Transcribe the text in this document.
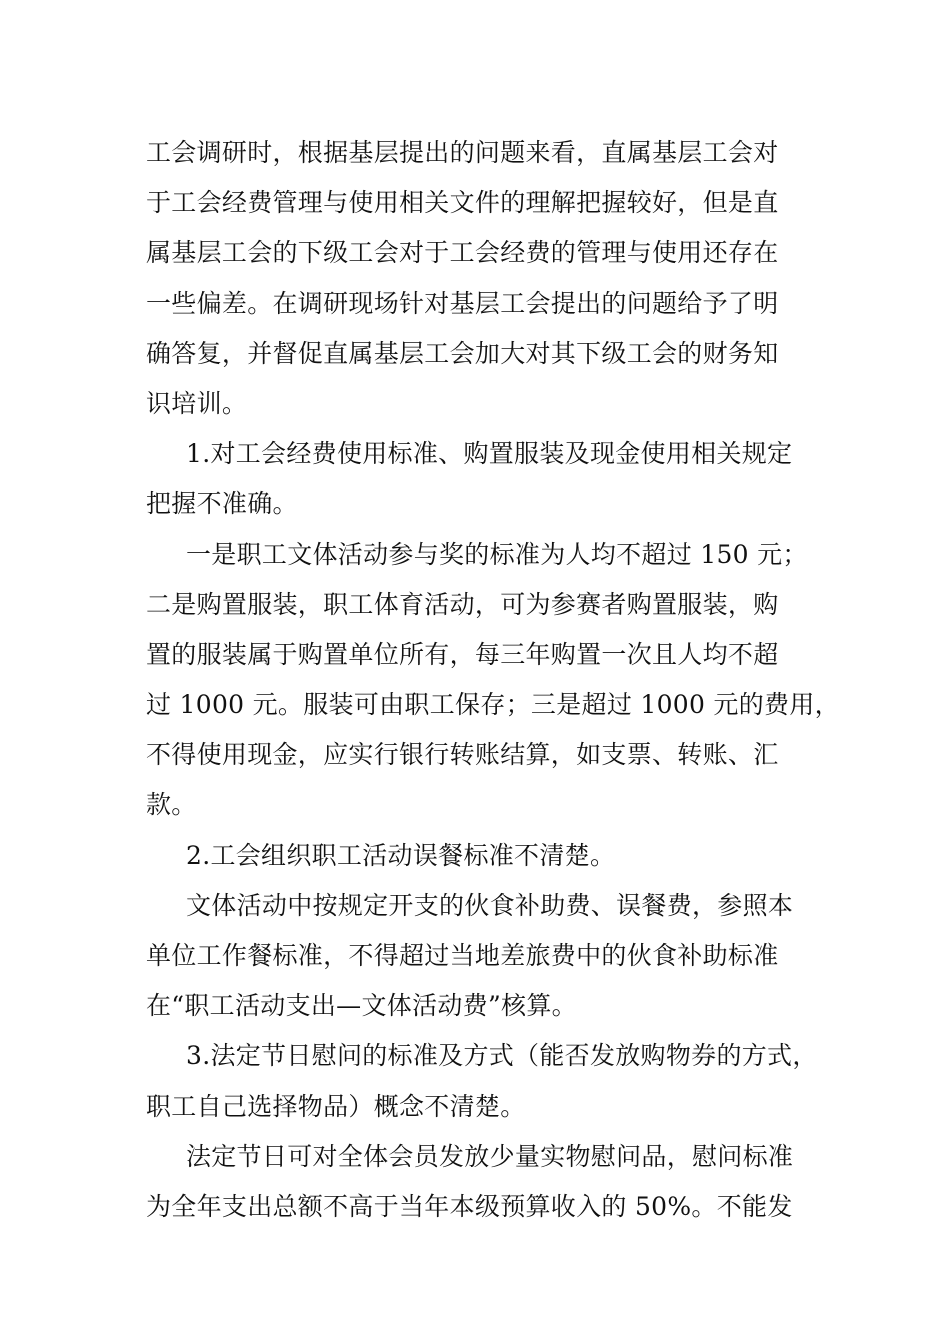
工会调研时，根据基层提出的问题来看，直属基层工会对
于工会经费管理与使用相关文件的理解把握较好，但是直
属基层工会的下级工会对于工会经费的管理与使用还存在
一些偏差。在调研现场针对基层工会提出的问题给予了明
确答复，并督促直属基层工会加大对其下级工会的财务知
识培训。
1.对工会经费使用标准、购置服装及现金使用相关规定
把握不准确。
一是职工文体活动参与奖的标准为人均不超过 150 元；
二是购置服装，职工体育活动，可为参赛者购置服装，购
置的服装属于购置单位所有，每三年购置一次且人均不超
过 1000 元。服装可由职工保存；三是超过 1000 元的费用，
不得使用现金，应实行银行转账结算，如支票、转账、汇
款。
2.工会组织职工活动误餐标准不清楚。
文体活动中按规定开支的伙食补助费、误餐费，参照本
单位工作餐标准，不得超过当地差旅费中的伙食补助标准
在“职工活动支出—文体活动费”核算。
3.法定节日慰问的标准及方式（能否发放购物券的方式，
职工自己选择物品）概念不清楚。
法定节日可对全体会员发放少量实物慰问品，慰问标准
为全年支出总额不高于当年本级预算收入的 50%。不能发
